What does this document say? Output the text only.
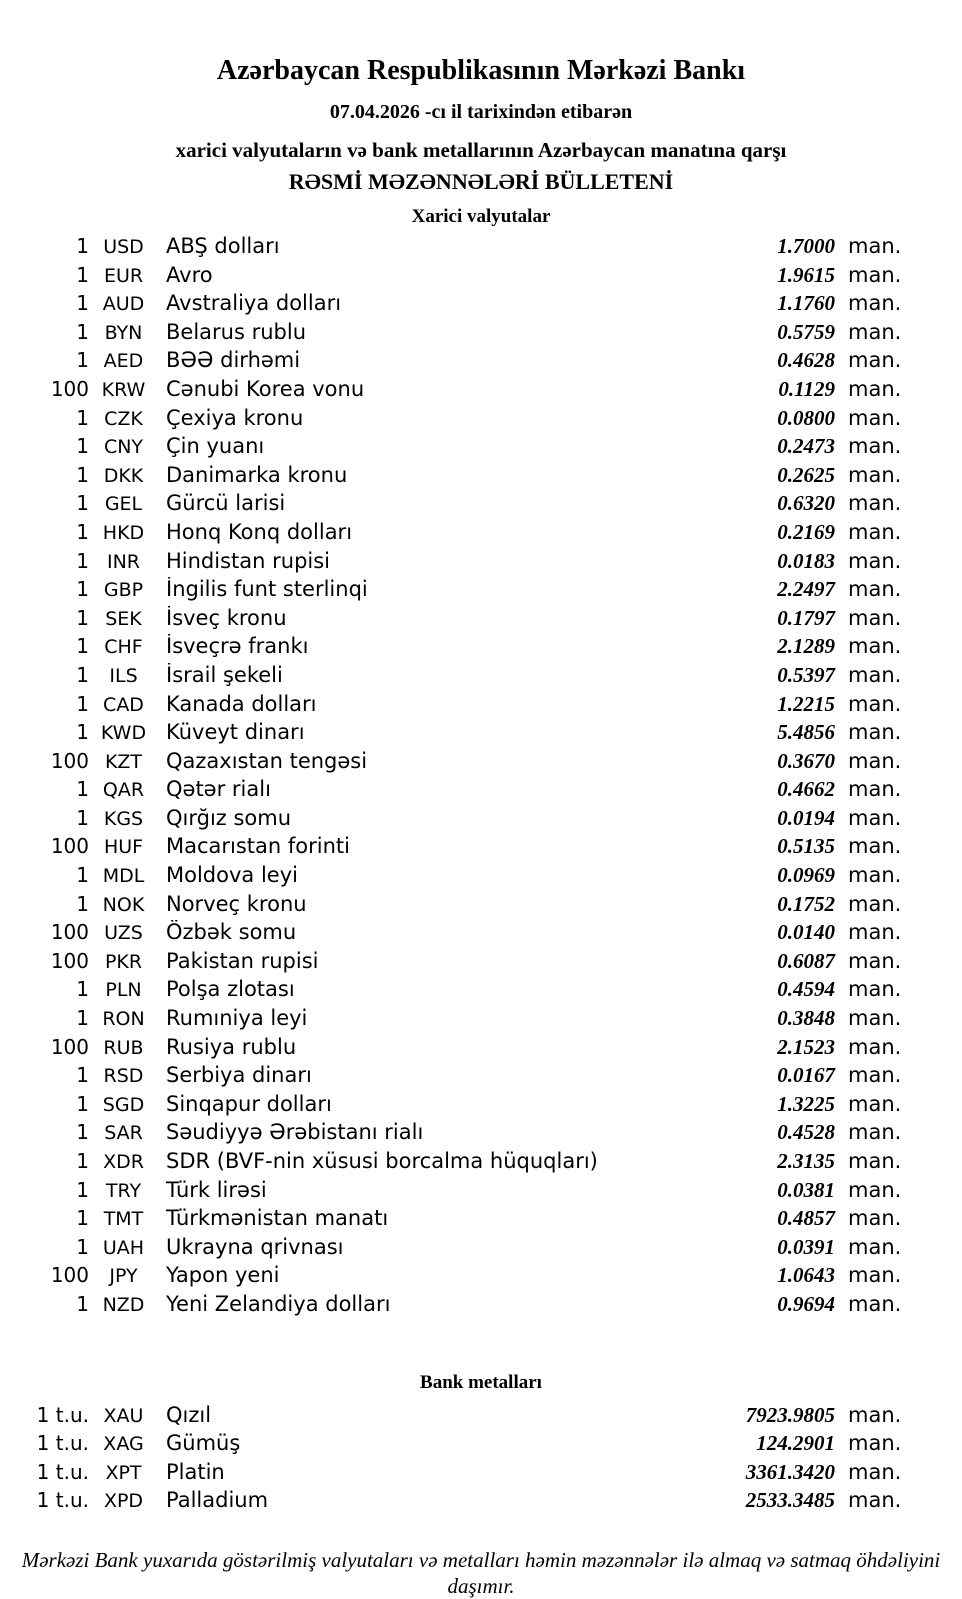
Azərbaycan Respublikasının Mərkəzi Bankı
07.04.2026 -cı il tarixindən etibarən
xarici valyutaların və bank metallarının Azərbaycan manatına qarşı
RƏSMİ MƏZƏNNƏLƏRİ BÜLLETENİ
Xarici valyutalar
1 USD	ABŞ dolları	1.7000 man.
1 EUR	Avro	1.9615 man.
1 AUD	Avstraliya dolları	1.1760 man.
1 BYN	Belarus rublu	0.5759 man.
1 AED	BƏƏ dirhəmi	0.4628 man.
100 KRW Cənubi Korea vonu	0.1129 man.
1 CZK	Çexiya kronu	0.0800 man.
1 CNY	Çin yuanı	0.2473 man.
1 DKK	Danimarka kronu	0.2625 man.
1 GEL	Gürcü larisi	0.6320 man.
1 HKD	Honq Konq dolları	0.2169 man.
1 INR	Hindistan rupisi	0.0183 man.
1 GBP	İngilis funt sterlinqi	2.2497 man.
1 SEK	İsveç kronu	0.1797 man.
1 CHF	İsveçrə frankı	2.1289 man.
1	ILS	İsrail şekeli	0.5397 man.
1 CAD	Kanada dolları	1.2215 man.
1 KWD Küveyt dinarı	5.4856 man.
100 KZT	Qazaxıstan tengəsi	0.3670 man.
1 QAR	Qətər rialı	0.4662 man.
1 KGS	Qırğız somu	0.0194 man.
100 HUF	Macarıstan forinti	0.5135 man.
1 MDL	Moldova leyi	0.0969 man.
1 NOK	Norveç kronu	0.1752 man.
100 UZS	Özbək somu	0.0140 man.
100 PKR	Pakistan rupisi	0.6087 man.
1 PLN	Polşa zlotası	0.4594 man.
1 RON	Rumıniya leyi	0.3848 man.
100 RUB	Rusiya rublu	2.1523 man.
1 RSD	Serbiya dinarı	0.0167 man.
1 SGD	Sinqapur dolları	1.3225 man.
1 SAR	Səudiyyə Ərəbistanı rialı	0.4528 man.
1 XDR	SDR (BVF-nin xüsusi borcalma hüquqları)	2.3135 man.
1 TRY	Türk lirəsi	0.0381 man.
1 TMT	Türkmənistan manatı	0.4857 man.
1 UAH	Ukrayna qrivnası	0.0391 man.
100	JPY	Yapon yeni	1.0643 man.
1 NZD	Yeni Zelandiya dolları	0.9694 man.
Bank metalları
1 t.u. XAU	Qızıl	7923.9805 man.
1 t.u. XAG	Gümüş	124.2901 man.
1 t.u. XPT	Platin	3361.3420 man.
1 t.u. XPD	Palladium	2533.3485 man.
Mərkəzi Bank yuxarıda göstərilmiş valyutaları və metalları həmin məzənnələr ilə almaq və satmaq öhdəliyini daşımır.
